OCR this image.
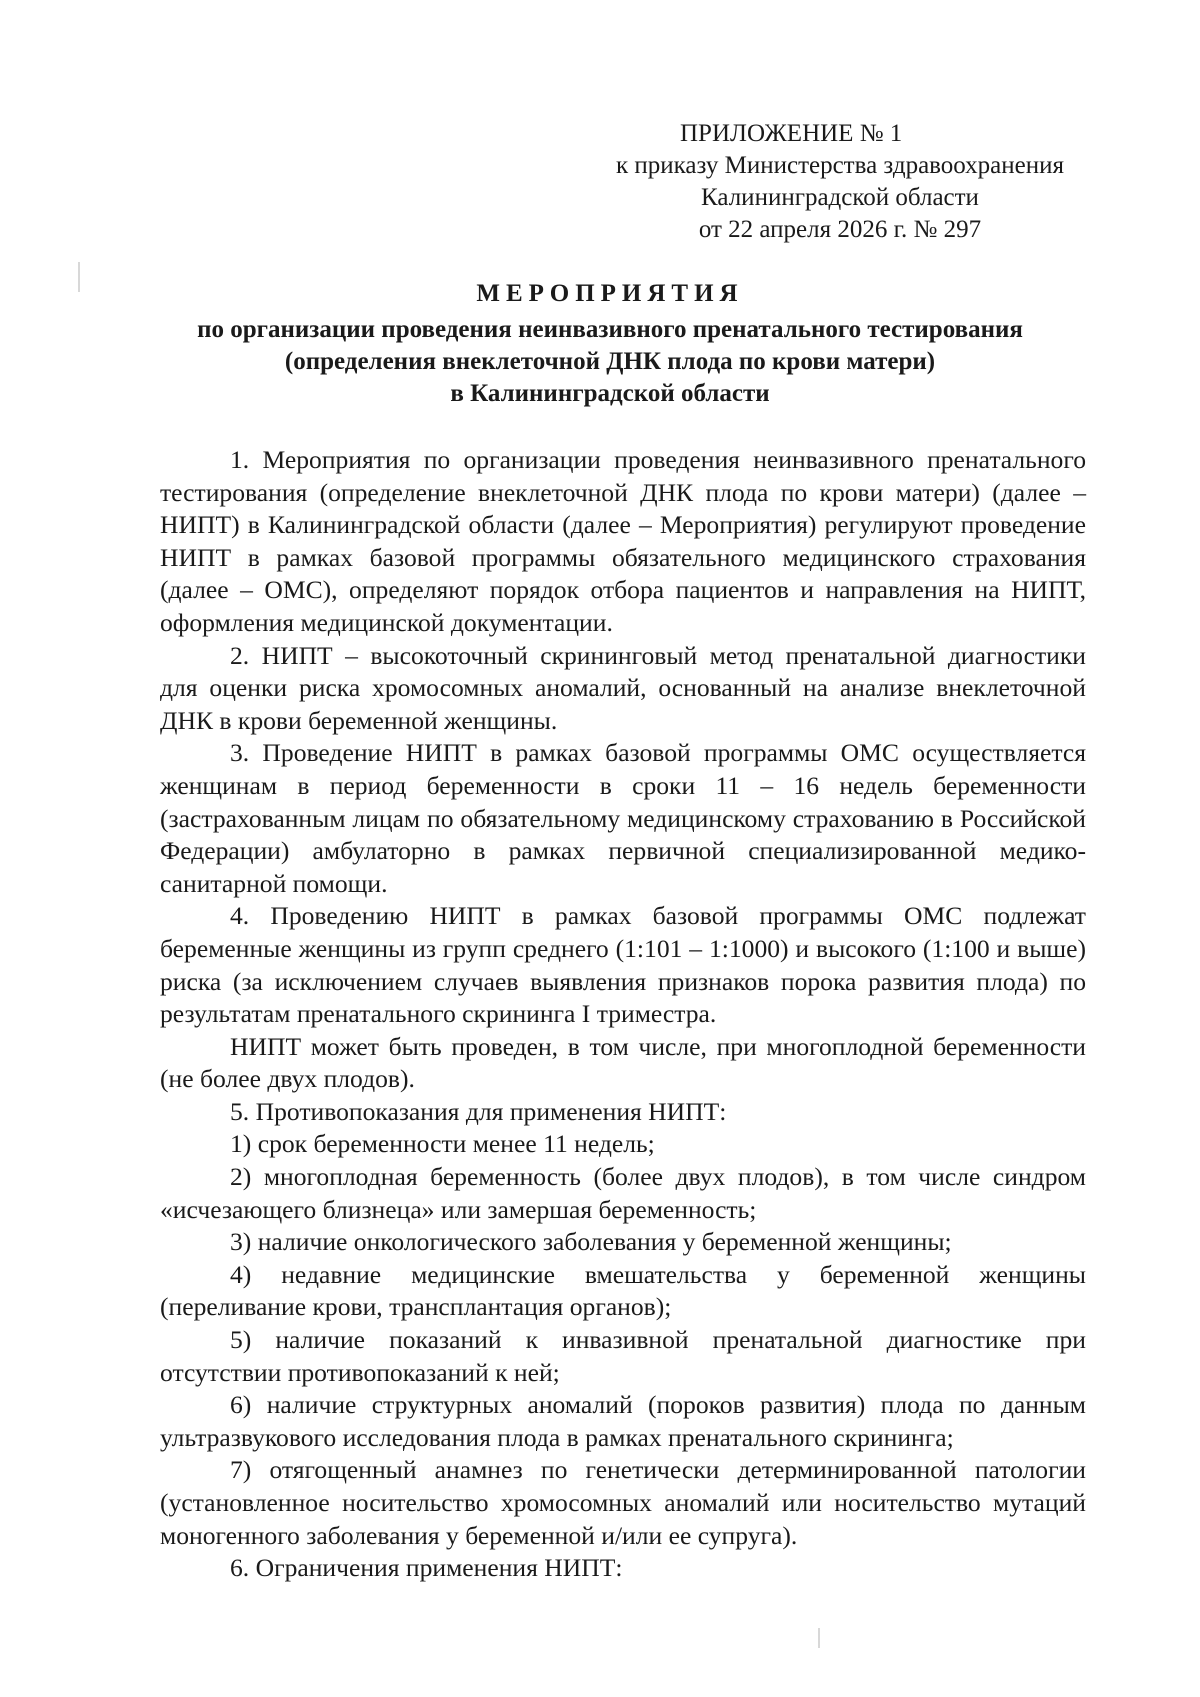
ПРИЛОЖЕНИЕ № 1
к приказу Министерства здравоохранения
Калининградской области
от 22 апреля 2026 г. № 297
МЕРОПРИЯТИЯ
по организации проведения неинвазивного пренатального тестирования
(определения внеклеточной ДНК плода по крови матери)
в Калининградской области

1. Мероприятия по организации проведения неинвазивного пренатального тестирования (определение внеклеточной ДНК плода по крови матери) (далее – НИПТ) в Калининградской области (далее – Мероприятия) регулируют проведение НИПТ в рамках базовой программы обязательного медицинского страхования (далее – ОМС), определяют порядок отбора пациентов и направления на НИПТ, оформления медицинской документации.

2. НИПТ – высокоточный скрининговый метод пренатальной диагностики для оценки риска хромосомных аномалий, основанный на анализе внеклеточной ДНК в крови беременной женщины.

3. Проведение НИПТ в рамках базовой программы ОМС осуществляется женщинам в период беременности в сроки 11 – 16 недель беременности (застрахованным лицам по обязательному медицинскому страхованию в Российской Федерации) амбулаторно в рамках первичной специализированной медико-санитарной помощи.

4. Проведению НИПТ в рамках базовой программы ОМС подлежат беременные женщины из групп среднего (1:101 – 1:1000) и высокого (1:100 и выше) риска (за исключением случаев выявления признаков порока развития плода) по результатам пренатального скрининга I триместра.

НИПТ может быть проведен, в том числе, при многоплодной беременности (не более двух плодов).

5. Противопоказания для применения НИПТ:

1) срок беременности менее 11 недель;

2) многоплодная беременность (более двух плодов), в том числе синдром «исчезающего близнеца» или замершая беременность;

3) наличие онкологического заболевания у беременной женщины;

4) недавние медицинские вмешательства у беременной женщины (переливание крови, трансплантация органов);

5) наличие показаний к инвазивной пренатальной диагностике при отсутствии противопоказаний к ней;

6) наличие структурных аномалий (пороков развития) плода по данным ультразвукового исследования плода в рамках пренатального скрининга;

7) отягощенный анамнез по генетически детерминированной патологии (установленное носительство хромосомных аномалий или носительство мутаций моногенного заболевания у беременной и/или ее супруга).

6. Ограничения применения НИПТ:
